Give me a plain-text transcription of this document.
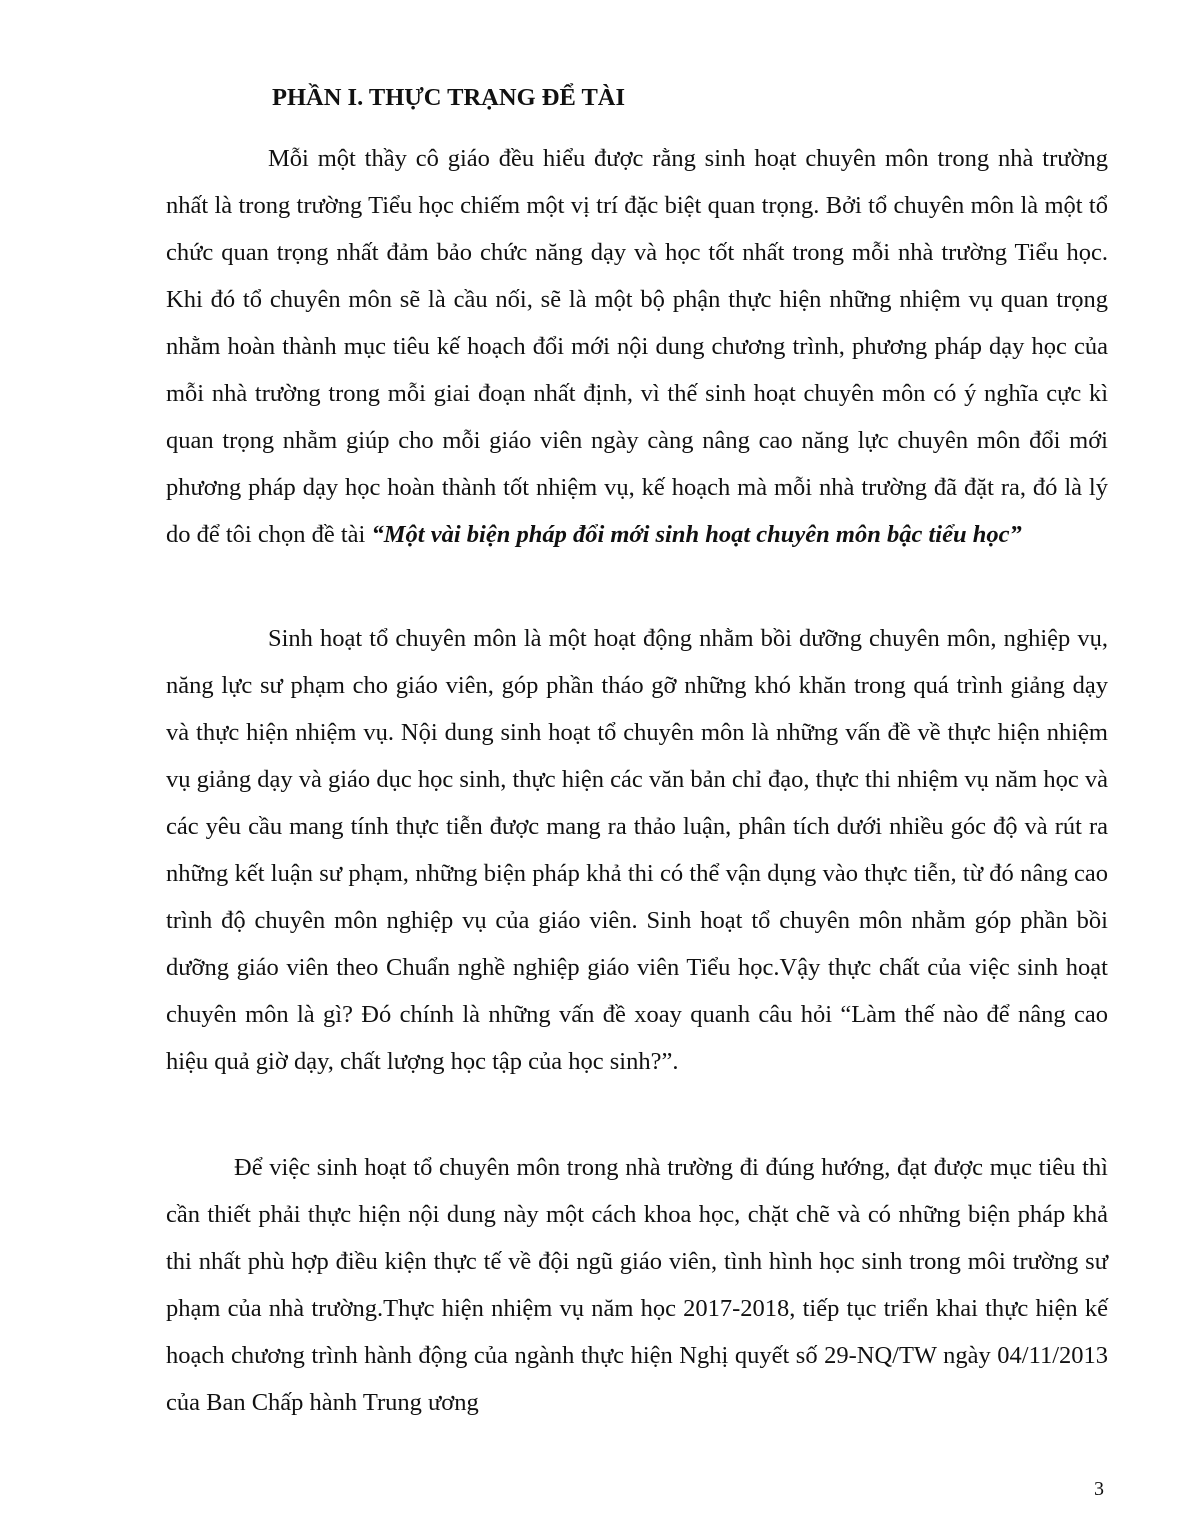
PHẦN I. THỰC TRẠNG ĐỂ TÀI

Mỗi một thầy cô giáo đều hiểu được rằng sinh hoạt chuyên môn trong nhà trường nhất là trong trường Tiểu học chiếm một vị trí đặc biệt quan trọng. Bởi tổ chuyên môn là một tổ chức quan trọng nhất đảm bảo chức năng dạy và học tốt nhất trong mỗi nhà trường Tiểu học. Khi đó tổ chuyên môn sẽ là cầu nối, sẽ là một bộ phận thực hiện những nhiệm vụ quan trọng nhằm hoàn thành mục tiêu kế hoạch đổi mới nội dung chương trình, phương pháp dạy học của mỗi nhà trường trong mỗi giai đoạn nhất định, vì thế sinh hoạt chuyên môn có ý nghĩa cực kì quan trọng nhằm giúp cho mỗi giáo viên ngày càng nâng cao năng lực chuyên môn đổi mới phương pháp dạy học hoàn thành tốt nhiệm vụ, kế hoạch mà mỗi nhà trường đã đặt ra, đó là lý do để tôi chọn đề tài “Một vài biện pháp đổi mới sinh hoạt chuyên môn bậc tiểu học”

Sinh hoạt tổ chuyên môn là một hoạt động nhằm bồi dưỡng chuyên môn, nghiệp vụ, năng lực sư phạm cho giáo viên, góp phần tháo gỡ những khó khăn trong quá trình giảng dạy và thực hiện nhiệm vụ. Nội dung sinh hoạt tổ chuyên môn là những vấn đề về thực hiện nhiệm vụ giảng dạy và giáo dục học sinh, thực hiện các văn bản chỉ đạo, thực thi nhiệm vụ năm học và các yêu cầu mang tính thực tiễn được mang ra thảo luận, phân tích dưới nhiều góc độ và rút ra những kết luận sư phạm, những biện pháp khả thi có thể vận dụng vào thực tiễn, từ đó nâng cao trình độ chuyên môn nghiệp vụ của giáo viên. Sinh hoạt tổ chuyên môn nhằm góp phần bồi dưỡng giáo viên theo Chuẩn nghề nghiệp giáo viên Tiểu học.Vậy thực chất của việc sinh hoạt chuyên môn là gì? Đó chính là những vấn đề xoay quanh câu hỏi “Làm thế nào để nâng cao hiệu quả giờ dạy, chất lượng học tập của học sinh?”.

Để việc sinh hoạt tổ chuyên môn trong nhà trường đi đúng hướng, đạt được mục tiêu thì cần thiết phải thực hiện nội dung này một cách khoa học, chặt chẽ và có những biện pháp khả thi nhất phù hợp điều kiện thực tế về đội ngũ giáo viên, tình hình học sinh trong môi trường sư phạm của nhà trường.Thực hiện nhiệm vụ năm học 2017-2018, tiếp tục triển khai thực hiện kế hoạch chương trình hành động của ngành thực hiện Nghị quyết số 29-NQ/TW ngày 04/11/2013 của Ban Chấp hành Trung ương

3
